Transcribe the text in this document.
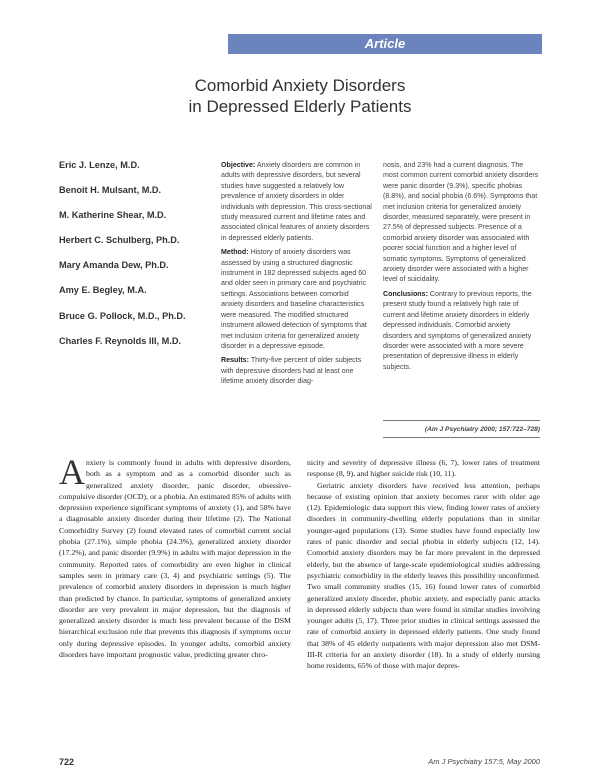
Article
Comorbid Anxiety Disorders
in Depressed Elderly Patients
Eric J. Lenze, M.D.
Benoit H. Mulsant, M.D.
M. Katherine Shear, M.D.
Herbert C. Schulberg, Ph.D.
Mary Amanda Dew, Ph.D.
Amy E. Begley, M.A.
Bruce G. Pollock, M.D., Ph.D.
Charles F. Reynolds III, M.D.

Objective: Anxiety disorders are common in adults with depressive disorders, but several studies have suggested a relatively low prevalence of anxiety disorders in older individuals with depression. This cross-sectional study measured current and lifetime rates and associated clinical features of anxiety disorders in depressed elderly patients.

Method: History of anxiety disorders was assessed by using a structured diagnostic instrument in 182 depressed subjects aged 60 and older seen in primary care and psychiatric settings. Associations between comorbid anxiety disorders and baseline characteristics were measured. The modified structured instrument allowed detection of symptoms that met inclusion criteria for generalized anxiety disorder in a depressive episode.

Results: Thirty-five percent of older subjects with depressive disorders had at least one lifetime anxiety disorder diag-

nosis, and 23% had a current diagnosis. The most common current comorbid anxiety disorders were panic disorder (9.3%), specific phobias (8.8%), and social phobia (6.6%). Symptoms that met inclusion criteria for generalized anxiety disorder, measured separately, were present in 27.5% of depressed subjects. Presence of a comorbid anxiety disorder was associated with poorer social function and a higher level of somatic symptoms. Symptoms of generalized anxiety disorder were associated with a higher level of suicidality.

Conclusions: Contrary to previous reports, the present study found a relatively high rate of current and lifetime anxiety disorders in elderly depressed individuals. Comorbid anxiety disorders and symptoms of generalized anxiety disorder were associated with a more severe presentation of depressive illness in elderly subjects.

(Am J Psychiatry 2000; 157:722–728)

Anxiety is commonly found in adults with depressive disorders, both as a symptom and as a comorbid disorder such as generalized anxiety disorder, panic disorder, obsessive-compulsive disorder (OCD), or a phobia. An estimated 85% of adults with depression experience significant symptoms of anxiety (1), and 58% have a diagnosable anxiety disorder during their lifetime (2). The National Comorbidity Survey (2) found elevated rates of comorbid current social phobia (27.1%), simple phobia (24.3%), generalized anxiety disorder (17.2%), and panic disorder (9.9%) in adults with major depression in the community. Reported rates of comorbidity are even higher in clinical samples seen in primary care (3, 4) and psychiatric settings (5). The prevalence of comorbid anxiety disorders in depression is much higher than predicted by chance. In particular, symptoms of generalized anxiety disorder are very prevalent in major depression, but the diagnosis of generalized anxiety disorder is much less prevalent because of the DSM hierarchical exclusion rule that prevents this diagnosis if symptoms occur only during depressive episodes. In younger adults, comorbid anxiety disorders have important prognostic value, predicting greater chro-

nicity and severity of depressive illness (6, 7), lower rates of treatment response (8, 9), and higher suicide risk (10, 11).

Geriatric anxiety disorders have received less attention, perhaps because of existing opinion that anxiety becomes rarer with older age (12). Epidemiologic data support this view, finding lower rates of anxiety disorders in community-dwelling elderly populations than in similar younger-aged populations (13). Some studies have found especially low rates of panic disorder and social phobia in elderly subjects (12, 14). Comorbid anxiety disorders may be far more prevalent in the depressed elderly, but the absence of large-scale epidemiological studies addressing psychiatric comorbidity in the elderly leaves this possibility unconfirmed. Two small community studies (15, 16) found lower rates of comorbid generalized anxiety disorder, phobic anxiety, and especially panic attacks in depressed elderly subjects than were found in similar studies involving younger adults (5, 17). Three prior studies in clinical settings assessed the rate of comorbid anxiety in depressed elderly patients. One study found that 38% of 45 elderly outpatients with major depression also met DSM-III-R criteria for an anxiety disorder (18). In a study of elderly nursing home residents, 65% of those with major depres-

722	Am J Psychiatry 157:5, May 2000
